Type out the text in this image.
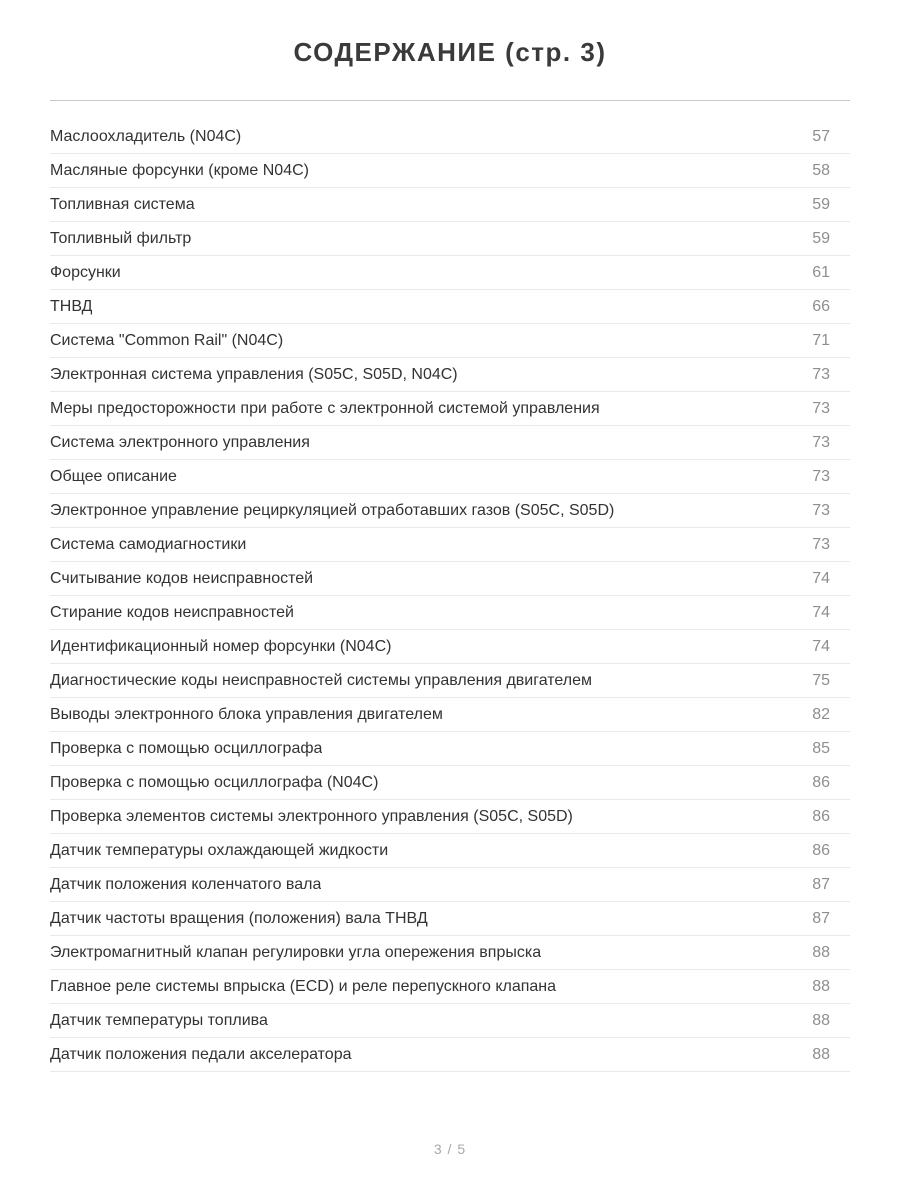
СОДЕРЖАНИЕ (стр. 3)
Маслоохладитель (N04C)	57
Масляные форсунки (кроме N04C)	58
Топливная система	59
Топливный фильтр	59
Форсунки	61
ТНВД	66
Система "Common Rail" (N04C)	71
Электронная система управления (S05C, S05D, N04C)	73
Меры предосторожности при работе с электронной системой управления	73
Система электронного управления	73
Общее описание	73
Электронное управление рециркуляцией отработавших газов (S05C, S05D)	73
Система самодиагностики	73
Считывание кодов неисправностей	74
Стирание кодов неисправностей	74
Идентификационный номер форсунки (N04C)	74
Диагностические коды неисправностей системы управления двигателем	75
Выводы электронного блока управления двигателем	82
Проверка с помощью осциллографа	85
Проверка с помощью осциллографа (N04C)	86
Проверка элементов системы электронного управления (S05C, S05D)	86
Датчик температуры охлаждающей жидкости	86
Датчик положения коленчатого вала	87
Датчик частоты вращения (положения) вала ТНВД	87
Электромагнитный клапан регулировки угла опережения впрыска	88
Главное реле системы впрыска (ECD) и реле перепускного клапана	88
Датчик температуры топлива	88
Датчик положения педали акселератора	88
3 / 5
